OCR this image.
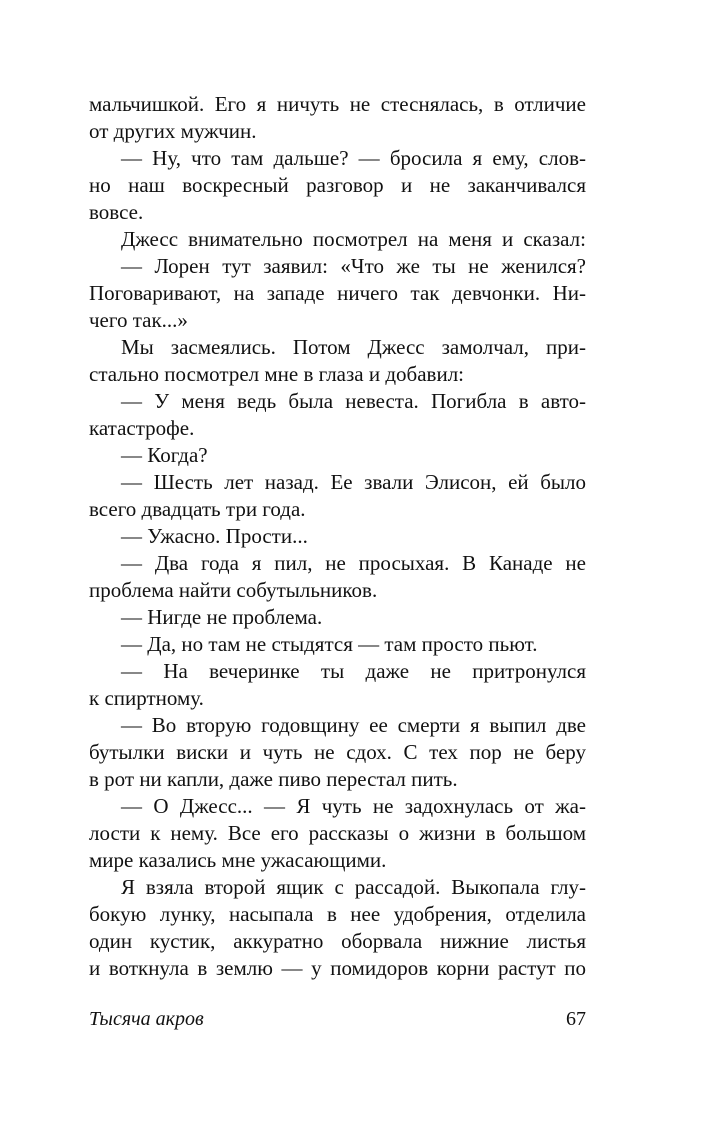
мальчишкой. Его я ничуть не стеснялась, в отличие
от других мужчин.
— Ну, что там дальше? — бросила я ему, слов-
но наш воскресный разговор и не заканчивался
вовсе.
Джесс внимательно посмотрел на меня и сказал:
— Лорен тут заявил: «Что же ты не женился?
Поговаривают, на западе ничего так девчонки. Ни-
чего так...»
Мы засмеялись. Потом Джесс замолчал, при-
стально посмотрел мне в глаза и добавил:
— У меня ведь была невеста. Погибла в авто-
катастрофе.
— Когда?
— Шесть лет назад. Ее звали Элисон, ей было
всего двадцать три года.
— Ужасно. Прости...
— Два года я пил, не просыхая. В Канаде не
проблема найти собутыльников.
— Нигде не проблема.
— Да, но там не стыдятся — там просто пьют.
— На вечеринке ты даже не притронулся
к спиртному.
— Во вторую годовщину ее смерти я выпил две
бутылки виски и чуть не сдох. С тех пор не беру
в рот ни капли, даже пиво перестал пить.
— О Джесс... — Я чуть не задохнулась от жа-
лости к нему. Все его рассказы о жизни в большом
мире казались мне ужасающими.
Я взяла второй ящик с рассадой. Выкопала глу-
бокую лунку, насыпала в нее удобрения, отделила
один кустик, аккуратно оборвала нижние листья
и воткнула в землю — у помидоров корни растут по
Тысяча акров	67
